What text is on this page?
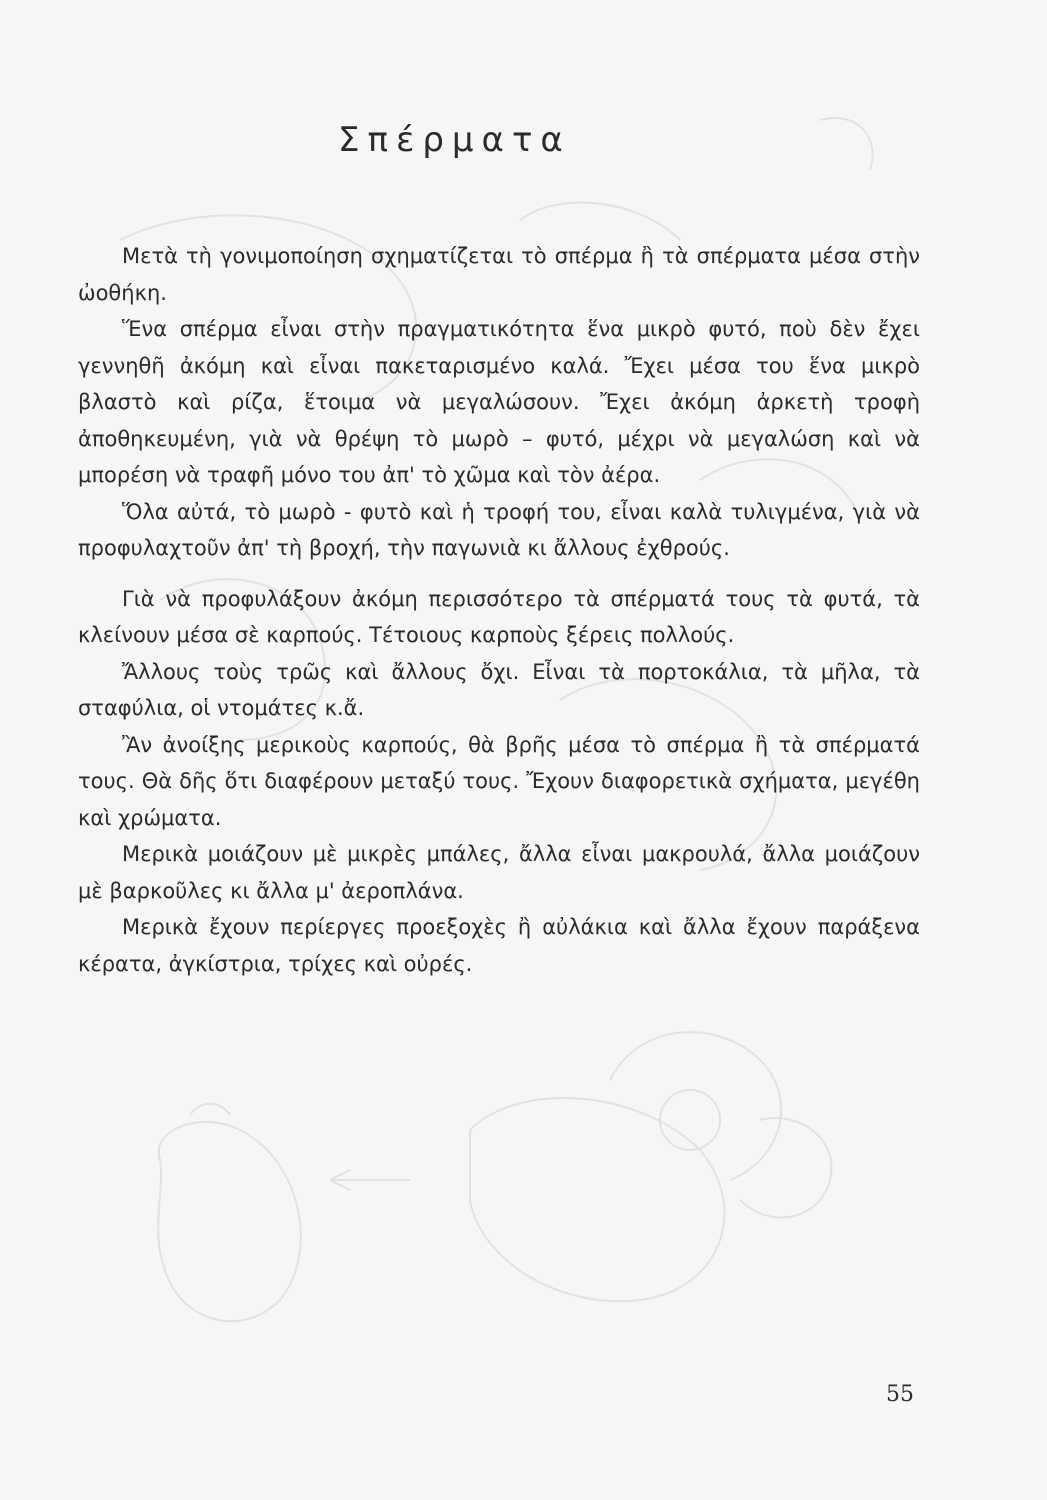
Σπέρματα

Μετὰ τὴ γονιμοποίηση σχηματίζεται τὸ σπέρμα ἢ τὰ σπέρματα μέσα στὴν ὠοθήκη.

Ἕνα σπέρμα εἶναι στὴν πραγματικότητα ἕνα μικρὸ φυτό, ποὺ δὲν ἔχει γεννηθῆ ἀκόμη καὶ εἶναι πακεταρισμένο καλά. Ἔχει μέσα του ἕνα μικρὸ βλαστὸ καὶ ρίζα, ἕτοιμα νὰ μεγαλώσουν. Ἔχει ἀκόμη ἀρκετὴ τροφὴ ἀποθηκευμένη, γιὰ νὰ θρέψη τὸ μωρὸ – φυτό, μέχρι νὰ μεγαλώση καὶ νὰ μπορέση νὰ τραφῆ μόνο του ἀπ' τὸ χῶμα καὶ τὸν ἀέρα.

Ὅλα αὐτά, τὸ μωρὸ - φυτὸ καὶ ἡ τροφή του, εἶναι καλὰ τυλιγμένα, γιὰ νὰ προφυλαχτοῦν ἀπ' τὴ βροχή, τὴν παγωνιὰ κι ἄλλους ἐχθρούς.

Γιὰ νὰ προφυλάξουν ἀκόμη περισσότερο τὰ σπέρματά τους τὰ φυτά, τὰ κλείνουν μέσα σὲ καρπούς. Τέτοιους καρποὺς ξέρεις πολλούς.

Ἄλλους τοὺς τρῶς καὶ ἄλλους ὄχι. Εἶναι τὰ πορτοκάλια, τὰ μῆλα, τὰ σταφύλια, οἱ ντομάτες κ.ἄ.

Ἂν ἀνοίξης μερικοὺς καρπούς, θὰ βρῆς μέσα τὸ σπέρμα ἢ τὰ σπέρματά τους. Θὰ δῆς ὅτι διαφέρουν μεταξύ τους. Ἔχουν διαφορετικὰ σχήματα, μεγέθη καὶ χρώματα.

Μερικὰ μοιάζουν μὲ μικρὲς μπάλες, ἄλλα εἶναι μακρουλά, ἄλλα μοιάζουν μὲ βαρκοῦλες κι ἄλλα μ' ἀεροπλάνα.

Μερικὰ ἔχουν περίεργες προεξοχὲς ἢ αὐλάκια καὶ ἄλλα ἔχουν παράξενα κέρατα, ἀγκίστρια, τρίχες καὶ οὐρές.

55
